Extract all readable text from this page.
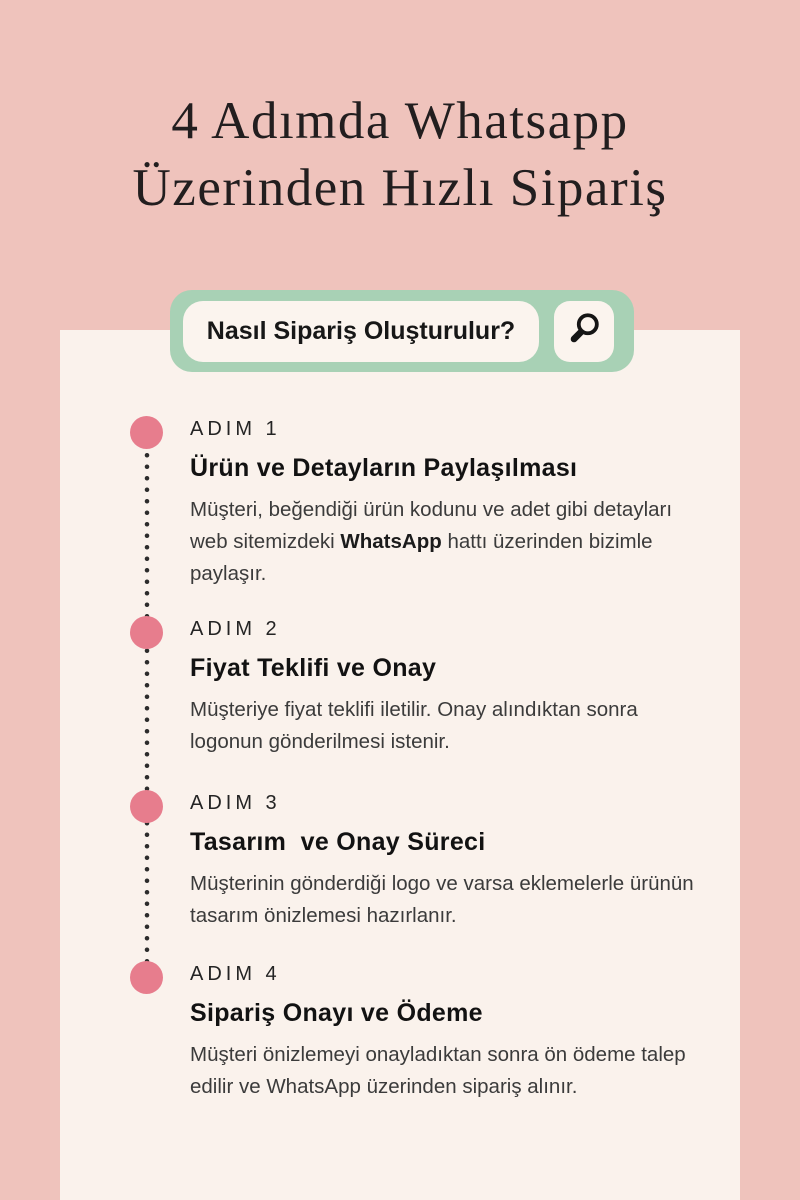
4 Adımda Whatsapp
Üzerinden Hızlı Sipariş
Nasıl Sipariş Oluşturulur?
ADIM 1
Ürün ve Detayların Paylaşılması
Müşteri, beğendiği ürün kodunu ve adet gibi detayları web sitemizdeki WhatsApp hattı üzerinden bizimle paylaşır.
ADIM 2
Fiyat Teklifi ve Onay
Müşteriye fiyat teklifi iletilir. Onay alındıktan sonra logonun gönderilmesi istenir.
ADIM 3
Tasarım  ve Onay Süreci
Müşterinin gönderdiği logo ve varsa eklemelerle ürünün tasarım önizlemesi hazırlanır.
ADIM 4
Sipariş Onayı ve Ödeme
Müşteri önizlemeyi onayladıktan sonra ön ödeme talep edilir ve WhatsApp üzerinden sipariş alınır.
